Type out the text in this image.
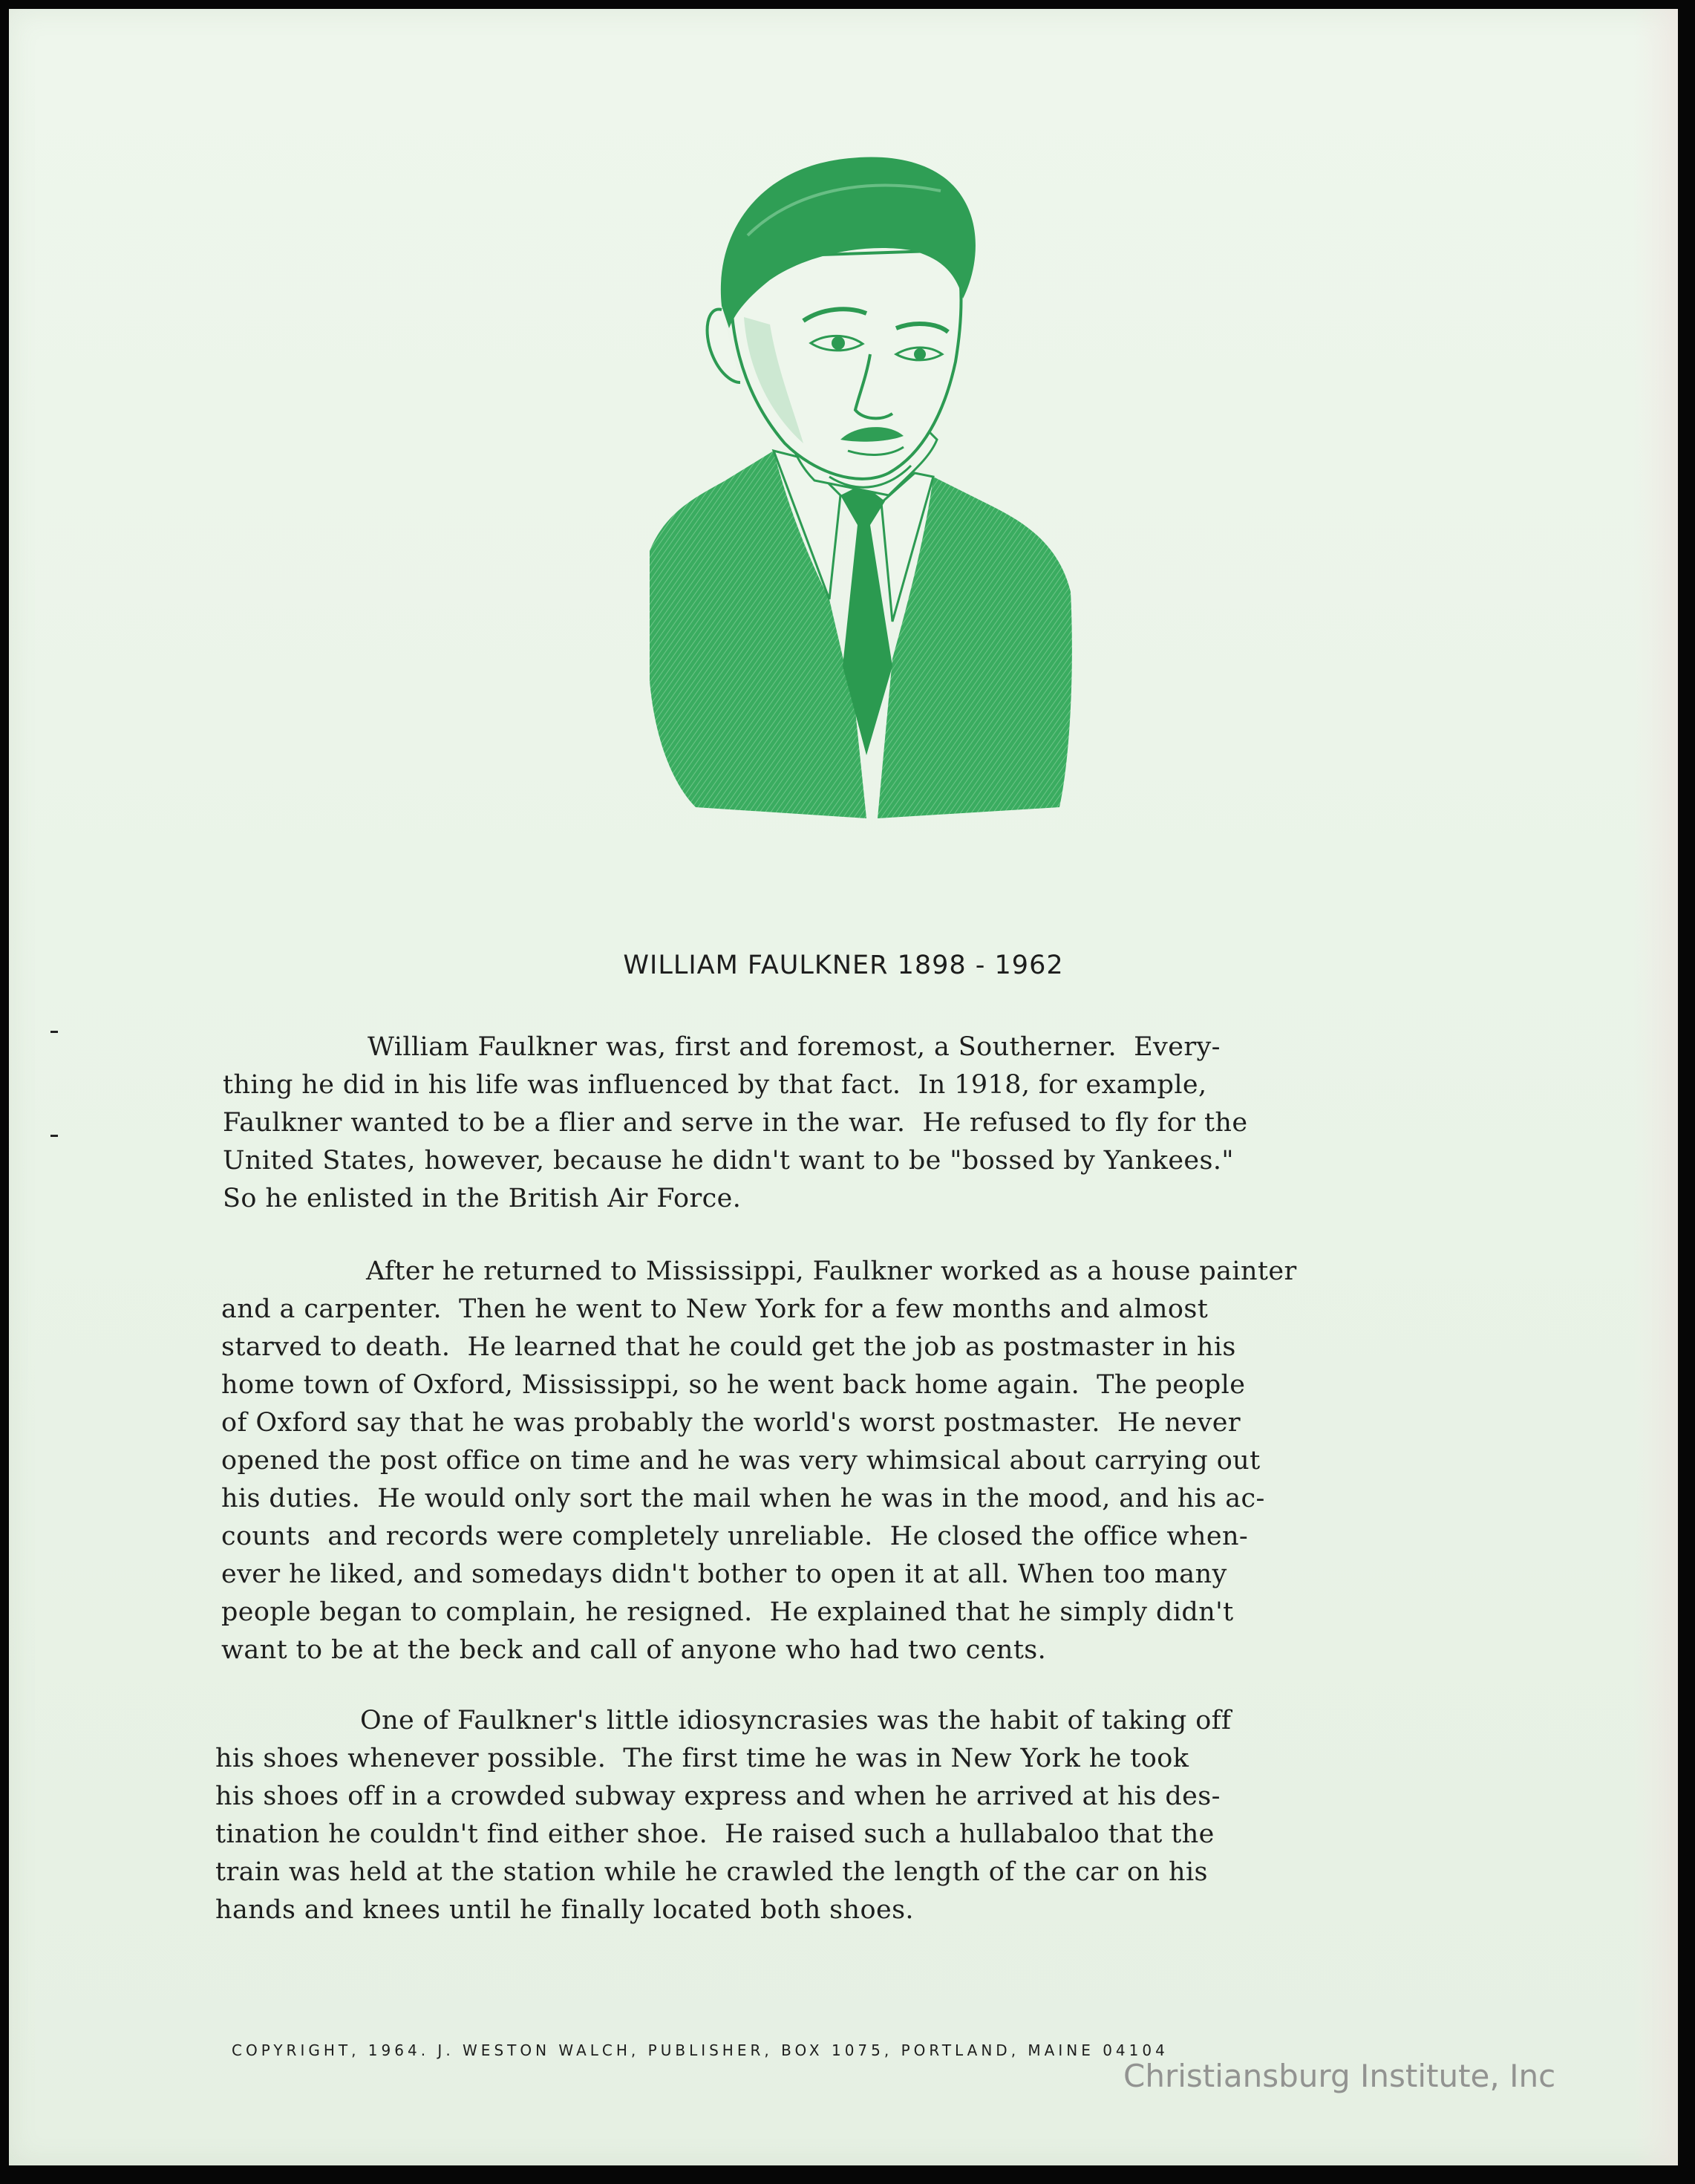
WILLIAM FAULKNER 1898 - 1962
William Faulkner was, first and foremost, a Southerner.  Every-
thing he did in his life was influenced by that fact.  In 1918, for example,
Faulkner wanted to be a flier and serve in the war.  He refused to fly for the
United States, however, because he didn't want to be "bossed by Yankees."
So he enlisted in the British Air Force.
After he returned to Mississippi, Faulkner worked as a house painter
and a carpenter.  Then he went to New York for a few months and almost
starved to death.  He learned that he could get the job as postmaster in his
home town of Oxford, Mississippi, so he went back home again.  The people
of Oxford say that he was probably the world's worst postmaster.  He never
opened the post office on time and he was very whimsical about carrying out
his duties.  He would only sort the mail when he was in the mood, and his ac-
counts  and records were completely unreliable.  He closed the office when-
ever he liked, and somedays didn't bother to open it at all. When too many
people began to complain, he resigned.  He explained that he simply didn't
want to be at the beck and call of anyone who had two cents.
One of Faulkner's little idiosyncrasies was the habit of taking off
his shoes whenever possible.  The first time he was in New York he took
his shoes off in a crowded subway express and when he arrived at his des-
tination he couldn't find either shoe.  He raised such a hullabaloo that the
train was held at the station while he crawled the length of the car on his
hands and knees until he finally located both shoes.
COPYRIGHT, 1964. J. WESTON WALCH, PUBLISHER, BOX 1075, PORTLAND, MAINE 04104
Christiansburg Institute, Inc
